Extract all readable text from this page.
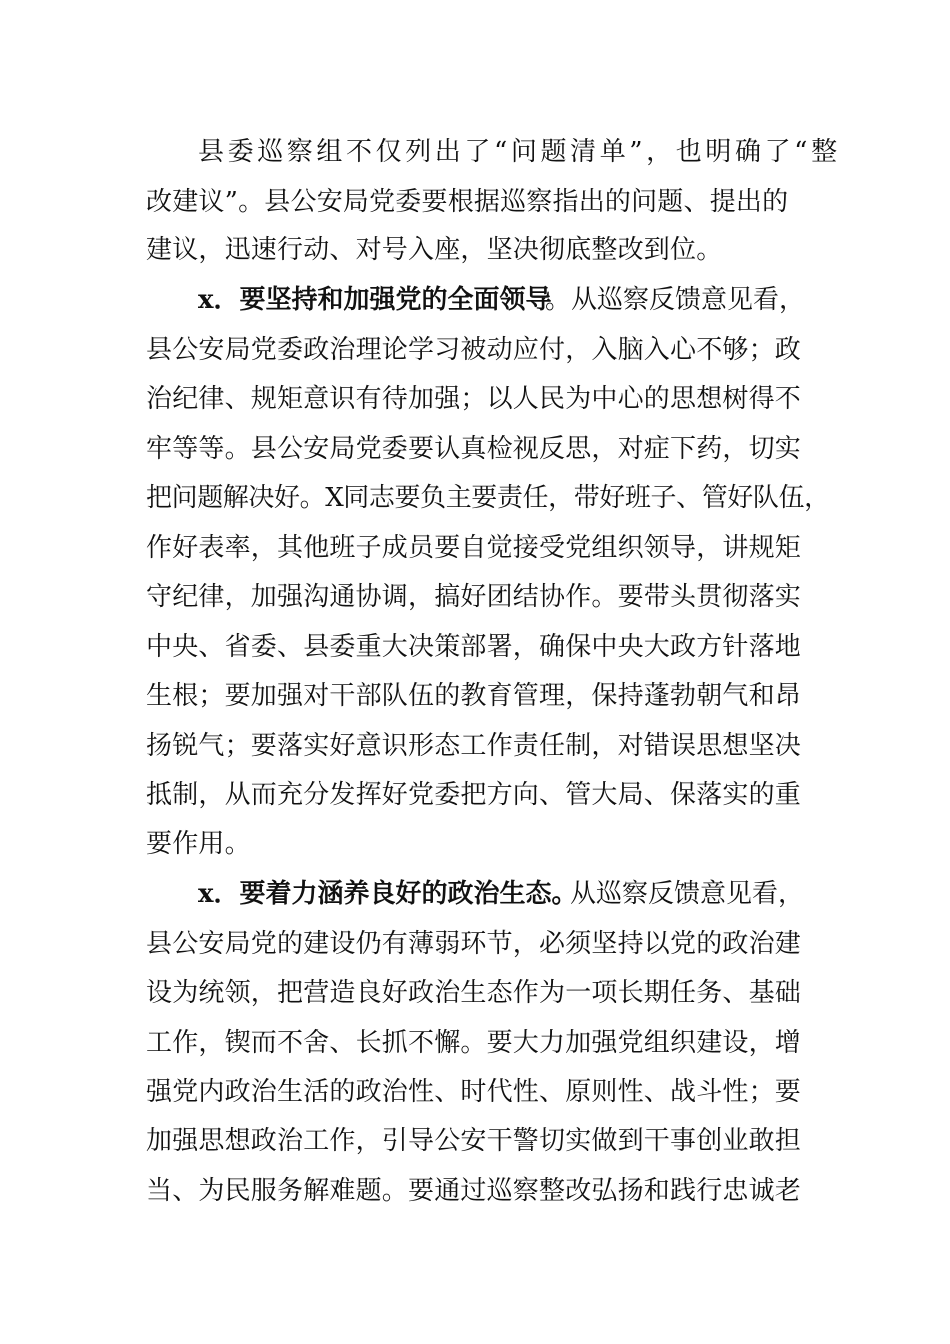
县委巡察组不仅列出了“问题清单”，也明确了“整
改建议”。县公安局党委要根据巡察指出的问题、提出的
建议，迅速行动、对号入座，坚决彻底整改到位。
x．要坚持和加强党的全面领导
。从巡察反馈意见看，
县公安局党委政治理论学习被动应付，入脑入心不够；政
治纪律、规矩意识有待加强；以人民为中心的思想树得不
牢等等。县公安局党委要认真检视反思，对症下药，切实
把问题解决好。X同志要负主要责任，带好班子、管好队伍，
作好表率，其他班子成员要自觉接受党组织领导，讲规矩
守纪律，加强沟通协调，搞好团结协作。要带头贯彻落实
中央、省委、县委重大决策部署，确保中央大政方针落地
生根；要加强对干部队伍的教育管理，保持蓬勃朝气和昂
扬锐气；要落实好意识形态工作责任制，对错误思想坚决
抵制，从而充分发挥好党委把方向、管大局、保落实的重
要作用。
x．要着力涵养良好的政治生态。
从巡察反馈意见看，
县公安局党的建设仍有薄弱环节，必须坚持以党的政治建
设为统领，把营造良好政治生态作为一项长期任务、基础
工作，锲而不舍、长抓不懈。要大力加强党组织建设，增
强党内政治生活的政治性、时代性、原则性、战斗性；要
加强思想政治工作，引导公安干警切实做到干事创业敢担
当、为民服务解难题。要通过巡察整改弘扬和践行忠诚老
